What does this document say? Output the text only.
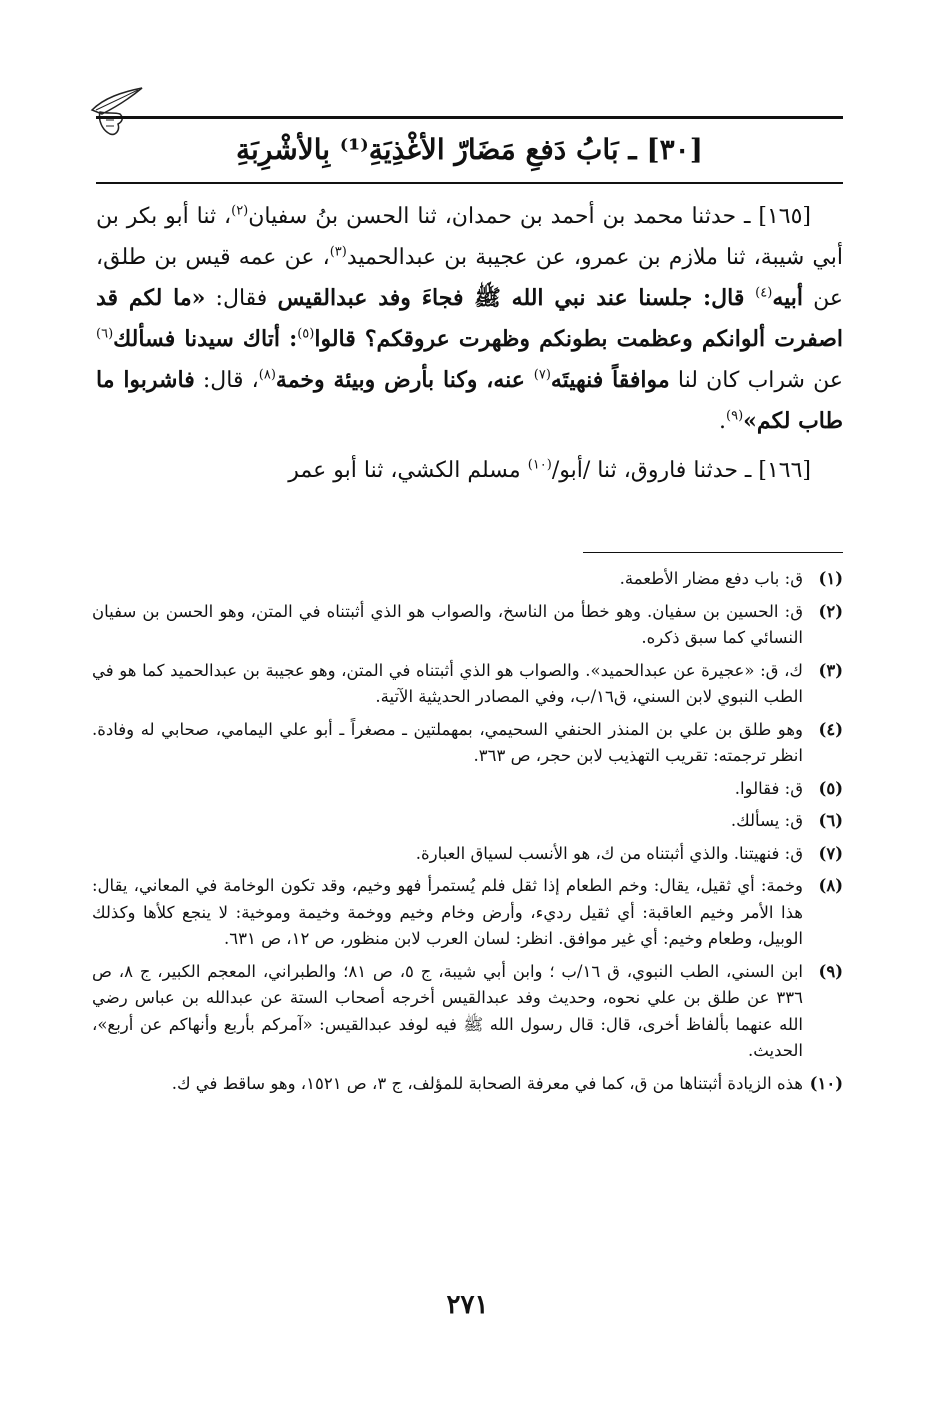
[٣٠] ـ بَابُ دَفعِ مَضَارّ الأغْذِيَةِ⁽¹⁾ بِالأشْرِبَةِ

[١٦٥] ـ حدثنا محمد بن أحمد بن حمدان، ثنا الحسن بنُ سفيان$^{(٢)}$، ثنا أبو بكر بن أبي شيبة، ثنا ملازم بن عمرو، عن عجيبة بن عبدالحميد$^{(٣)}$، عن عمه قيس بن طلق، عن أبيه$^{(٤)}$ قال: جلسنا عند نبي الله ﷺ فجاءَ وفد عبدالقيس فقال: «ما لكم قد اصفرت ألوانكم وعظمت بطونكم وظهرت عروقكم؟ قالوا$^{(٥)}$: أتاك سيدنا فسألك$^{(٦)}$ عن شراب كان لنا موافقاً فنهيتَه$^{(٧)}$ عنه، وكنا بأرض وبيئة وخمة$^{(٨)}$، قال: فاشربوا ما طاب لكم»$^{(٩)}$.

[١٦٦] ـ حدثنا فاروق، ثنا /أبو/$^{(١٠)}$ مسلم الكشي، ثنا أبو عمر

(١)
ق: باب دفع مضار الأطعمة.
(٢)
ق: الحسين بن سفيان. وهو خطأ من الناسخ، والصواب هو الذي أثبتناه في المتن، وهو الحسن بن سفيان النسائي كما سبق ذكره.
(٣)
ك، ق: «عجيرة عن عبدالحميد». والصواب هو الذي أثبتناه في المتن، وهو عجيبة بن عبدالحميد كما هو في الطب النبوي لابن السني، ق١٦/ب، وفي المصادر الحديثية الآتية.
(٤)
وهو طلق بن علي بن المنذر الحنفي السحيمي، بمهملتين ـ مصغراً ـ أبو علي اليمامي، صحابي له وفادة. انظر ترجمته: تقريب التهذيب لابن حجر، ص ٣٦٣.
(٥)
ق: فقالوا.
(٦)
ق: يسألك.
(٧)
ق: فنهيتنا. والذي أثبتناه من ك، هو الأنسب لسياق العبارة.
(٨)
وخمة: أي ثقيل، يقال: وخم الطعام إذا ثقل فلم يُستمرأ فهو وخيم، وقد تكون الوخامة في المعاني، يقال: هذا الأمر وخيم العاقبة: أي ثقيل رديء، وأرض وخام وخيم ووخمة وخيمة وموخية: لا ينجع كلأها وكذلك الوبيل، وطعام وخيم: أي غير موافق. انظر: لسان العرب لابن منظور، ص ١٢، ص ٦٣١.
(٩)
ابن السني، الطب النبوي، ق ١٦/ب ؛ وابن أبي شيبة، ج ٥، ص ٨١؛ والطبراني، المعجم الكبير، ج ٨، ص ٣٣٦ عن طلق بن علي نحوه، وحديث وفد عبدالقيس أخرجه أصحاب الستة عن عبدالله بن عباس رضي الله عنهما بألفاظ أخرى، قال: قال رسول الله ﷺ فيه لوفد عبدالقيس: «آمركم بأربع وأنهاكم عن أربع»، الحديث.
(١٠)
هذه الزيادة أثبتناها من ق، كما في معرفة الصحابة للمؤلف، ج ٣، ص ١٥٢١، وهو ساقط في ك.
٢٧١
